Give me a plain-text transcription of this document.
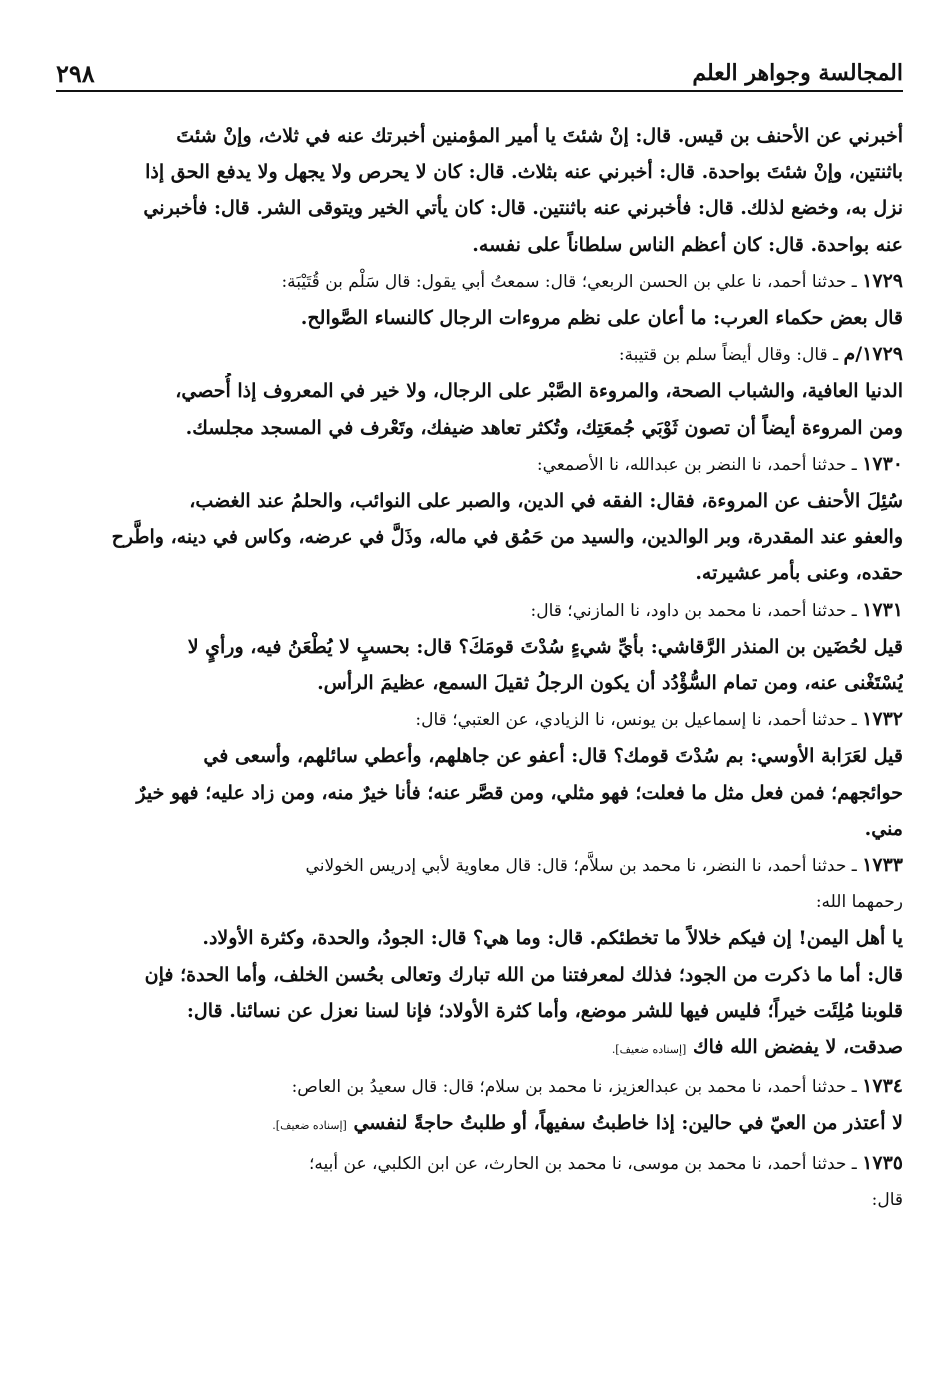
٢٩٨	المجالسة وجواهر العلم
أخبرني عن الأحنف بن قيس. قال: إنْ شئتَ يا أمير المؤمنين أخبرتك عنه في ثلاث، وإنْ شئتَ
باثنتين، وإنْ شئتَ بواحدة. قال: أخبرني عنه بثلاث. قال: كان لا يحرص ولا يجهل ولا يدفع الحق إذا
نزل به، وخضع لذلك. قال: فأخبرني عنه باثنتين. قال: كان يأتي الخير ويتوقى الشر. قال: فأخبرني
عنه بواحدة. قال: كان أعظم الناس سلطاناً على نفسه.
١٧٢٩ ـ حدثنا أحمد، نا علي بن الحسن الربعي؛ قال: سمعتُ أبي يقول: قال سَلْم بن قُتَيْبَة:
قال بعض حكماء العرب: ما أعان على نظم مروءات الرجال كالنساء الصَّوالح.
١٧٢٩/م ـ قال: وقال أيضاً سلم بن قتيبة:
الدنيا العافية، والشباب الصحة، والمروءة الصَّبْر على الرجال، ولا خير في المعروف إذا أُحصي،
ومن المروءة أيضاً أن تصون ثَوْبَي جُمعَتِك، وتُكثر تعاهد ضيفك، وتَعْرف في المسجد مجلسك.
١٧٣٠ ـ حدثنا أحمد، نا النضر بن عبدالله، نا الأصمعي:
سُئِلَ الأحنف عن المروءة، فقال: الفقه في الدين، والصبر على النوائب، والحلمُ عند الغضب،
والعفو عند المقدرة، وبر الوالدين، والسيد من حَمُق في ماله، وذَلَّ في عرضه، وكاس في دينه، واطَّرح
حقده، وعنى بأمر عشيرته.
١٧٣١ ـ حدثنا أحمد، نا محمد بن داود، نا المازني؛ قال:
قيل لحُضَين بن المنذر الرَّقاشي: بأيِّ شيءٍ سُدْتَ قومَكَ؟ قال: بحسبٍ لا يُطْعَنُ فيه، ورأيٍ لا
يُسْتَغْنى عنه، ومن تمام السُّؤْدُد أن يكون الرجلُ ثقيلَ السمع، عظيمَ الرأس.
١٧٣٢ ـ حدثنا أحمد، نا إسماعيل بن يونس، نا الزيادي، عن العتبي؛ قال:
قيل لعَرَابة الأوسي: بم سُدْتَ قومك؟ قال: أعفو عن جاهلهم، وأعطي سائلهم، وأسعى في
حوائجهم؛ فمن فعل مثل ما فعلت؛ فهو مثلي، ومن قصَّر عنه؛ فأنا خيرٌ منه، ومن زاد عليه؛ فهو خيرٌ
مني.
١٧٣٣ ـ حدثنا أحمد، نا النضر، نا محمد بن سلاَّم؛ قال: قال معاوية لأبي إدريس الخولاني
رحمهما الله:
يا أهل اليمن! إن فيكم خلالاً ما تخطئكم. قال: وما هي؟ قال: الجودُ، والحدة، وكثرة الأولاد.
قال: أما ما ذكرت من الجود؛ فذلك لمعرفتنا من الله تبارك وتعالى بحُسن الخلف، وأما الحدة؛ فإن
قلوبنا مُلِئَت خيراً؛ فليس فيها للشر موضع، وأما كثرة الأولاد؛ فإنا لسنا نعزل عن نسائنا. قال:
صدقت، لا يفضض الله فاك [إسناده ضعيف].
١٧٣٤ ـ حدثنا أحمد، نا محمد بن عبدالعزيز، نا محمد بن سلام؛ قال: قال سعيدُ بن العاص:
لا أعتذر من العيّ في حالين: إذا خاطبتُ سفيهاً، أو طلبتُ حاجةً لنفسي [إسناده ضعيف].
١٧٣٥ ـ حدثنا أحمد، نا محمد بن موسى، نا محمد بن الحارث، عن ابن الكلبي، عن أبيه؛
قال:
